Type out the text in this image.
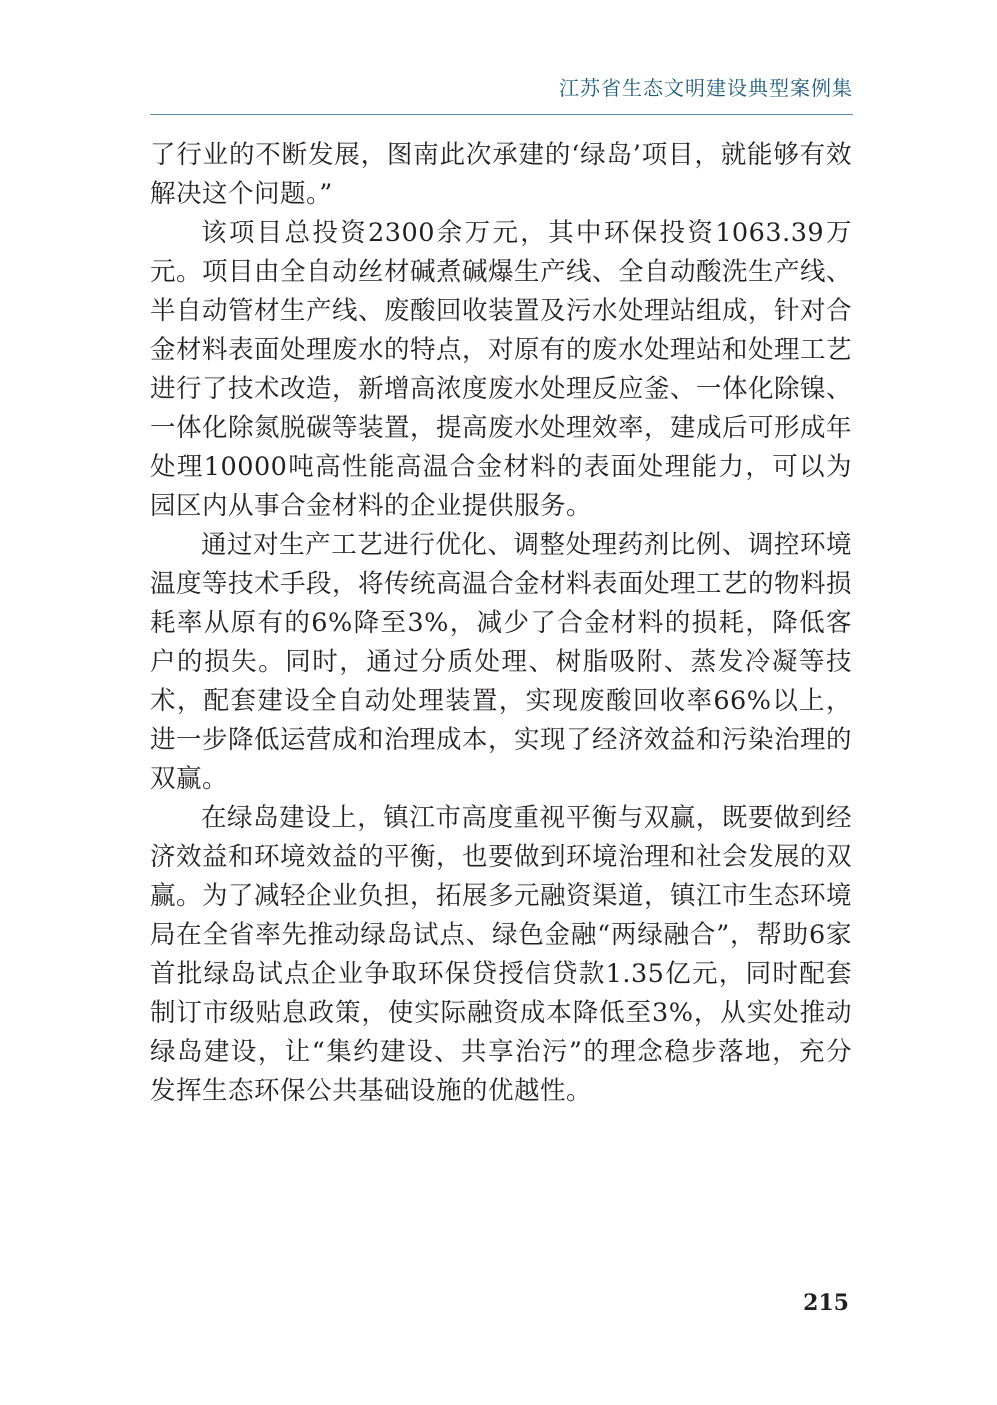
江苏省生态文明建设典型案例集

了行业的不断发展，图南此次承建的‘绿岛’项目，就能够有效解决这个问题。”

该项目总投资2300余万元，其中环保投资1063.39万元。项目由全自动丝材碱煮碱爆生产线、全自动酸洗生产线、半自动管材生产线、废酸回收装置及污水处理站组成，针对合金材料表面处理废水的特点，对原有的废水处理站和处理工艺进行了技术改造，新增高浓度废水处理反应釜、一体化除镍、一体化除氮脱碳等装置，提高废水处理效率，建成后可形成年处理10000吨高性能高温合金材料的表面处理能力，可以为园区内从事合金材料的企业提供服务。

通过对生产工艺进行优化、调整处理药剂比例、调控环境温度等技术手段，将传统高温合金材料表面处理工艺的物料损耗率从原有的6%降至3%，减少了合金材料的损耗，降低客户的损失。同时，通过分质处理、树脂吸附、蒸发冷凝等技术，配套建设全自动处理装置，实现废酸回收率66%以上，进一步降低运营成和治理成本，实现了经济效益和污染治理的双赢。

在绿岛建设上，镇江市高度重视平衡与双赢，既要做到经济效益和环境效益的平衡，也要做到环境治理和社会发展的双赢。为了减轻企业负担，拓展多元融资渠道，镇江市生态环境局在全省率先推动绿岛试点、绿色金融“两绿融合”，帮助6家首批绿岛试点企业争取环保贷授信贷款1.35亿元，同时配套制订市级贴息政策，使实际融资成本降低至3%，从实处推动绿岛建设，让“集约建设、共享治污”的理念稳步落地，充分发挥生态环保公共基础设施的优越性。

215
